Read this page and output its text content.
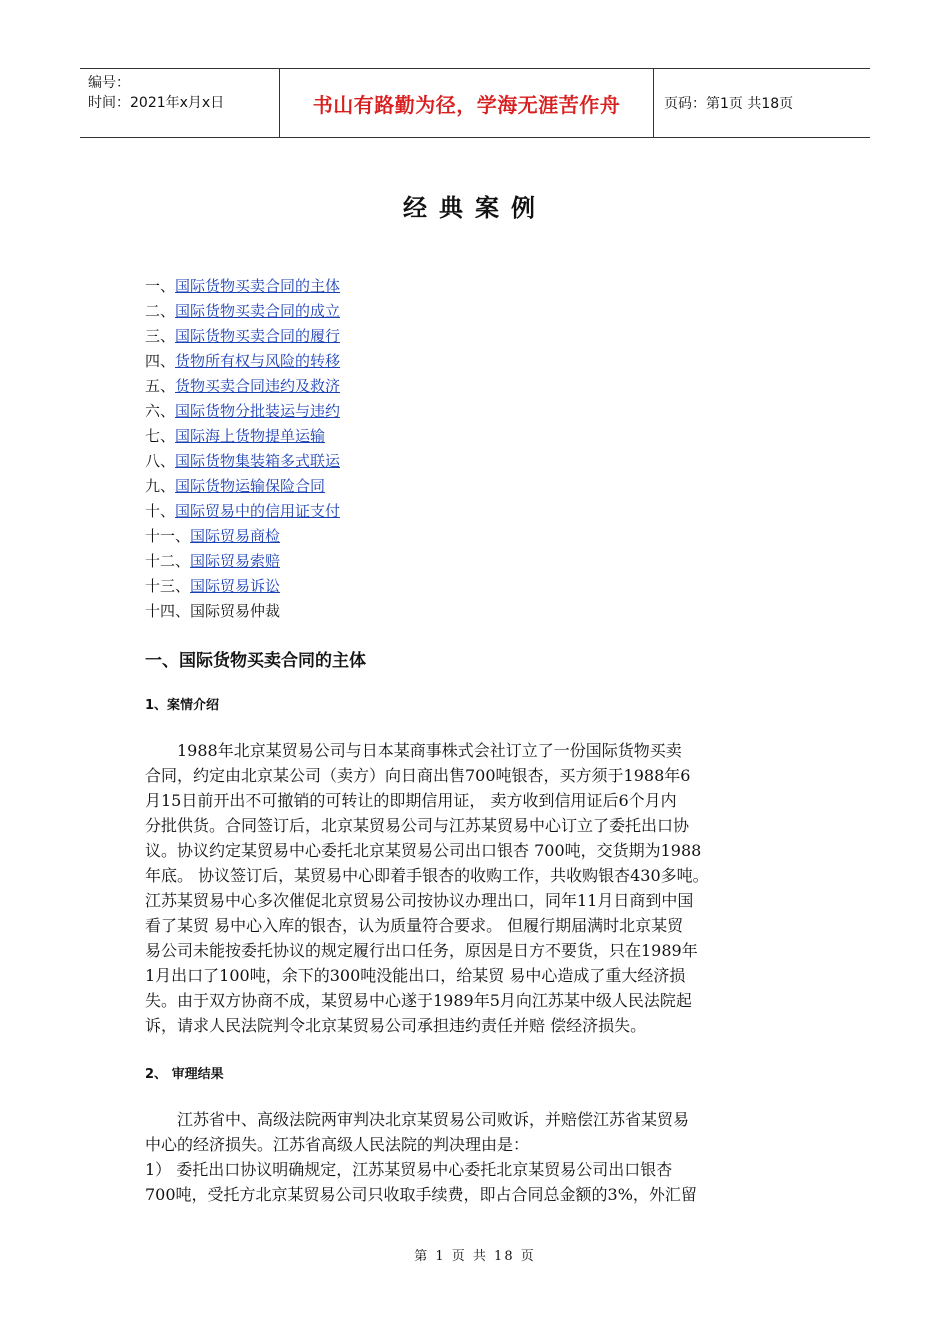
编号：
时间：2021年x月x日	书山有路勤为径，学海无涯苦作舟	页码：第1页 共18页
经典案例
一、国际货物买卖合同的主体
二、国际货物买卖合同的成立
三、国际货物买卖合同的履行
四、货物所有权与风险的转移
五、货物买卖合同违约及救济
六、国际货物分批装运与违约
七、国际海上货物提单运输
八、国际货物集装箱多式联运
九、国际货物运输保险合同
十、国际贸易中的信用证支付
十一、国际贸易商检
十二、国际贸易索赔
十三、国际贸易诉讼
十四、国际贸易仲裁
一、国际货物买卖合同的主体
1、案情介绍
　　1988年北京某贸易公司与日本某商事株式会社订立了一份国际货物买卖
合同，约定由北京某公司（卖方）向日商出售700吨银杏，买方须于1988年6
月15日前开出不可撤销的可转让的即期信用证， 卖方收到信用证后6个月内
分批供货。合同签订后，北京某贸易公司与江苏某贸易中心订立了委托出口协
议。协议约定某贸易中心委托北京某贸易公司出口银杏 700吨，交货期为1988
年底。 协议签订后，某贸易中心即着手银杏的收购工作，共收购银杏430多吨。
江苏某贸易中心多次催促北京贸易公司按协议办理出口，同年11月日商到中国
看了某贸 易中心入库的银杏，认为质量符合要求。 但履行期届满时北京某贸
易公司未能按委托协议的规定履行出口任务，原因是日方不要货，只在1989年
1月出口了100吨，余下的300吨没能出口，给某贸 易中心造成了重大经济损
失。由于双方协商不成，某贸易中心遂于1989年5月向江苏某中级人民法院起
诉，请求人民法院判令北京某贸易公司承担违约责任并赔 偿经济损失。
2、 审理结果
　　江苏省中、高级法院两审判决北京某贸易公司败诉，并赔偿江苏省某贸易
中心的经济损失。江苏省高级人民法院的判决理由是：
1） 委托出口协议明确规定，江苏某贸易中心委托北京某贸易公司出口银杏
700吨，受托方北京某贸易公司只收取手续费，即占合同总金额的3%，外汇留
第 1 页 共 18 页
